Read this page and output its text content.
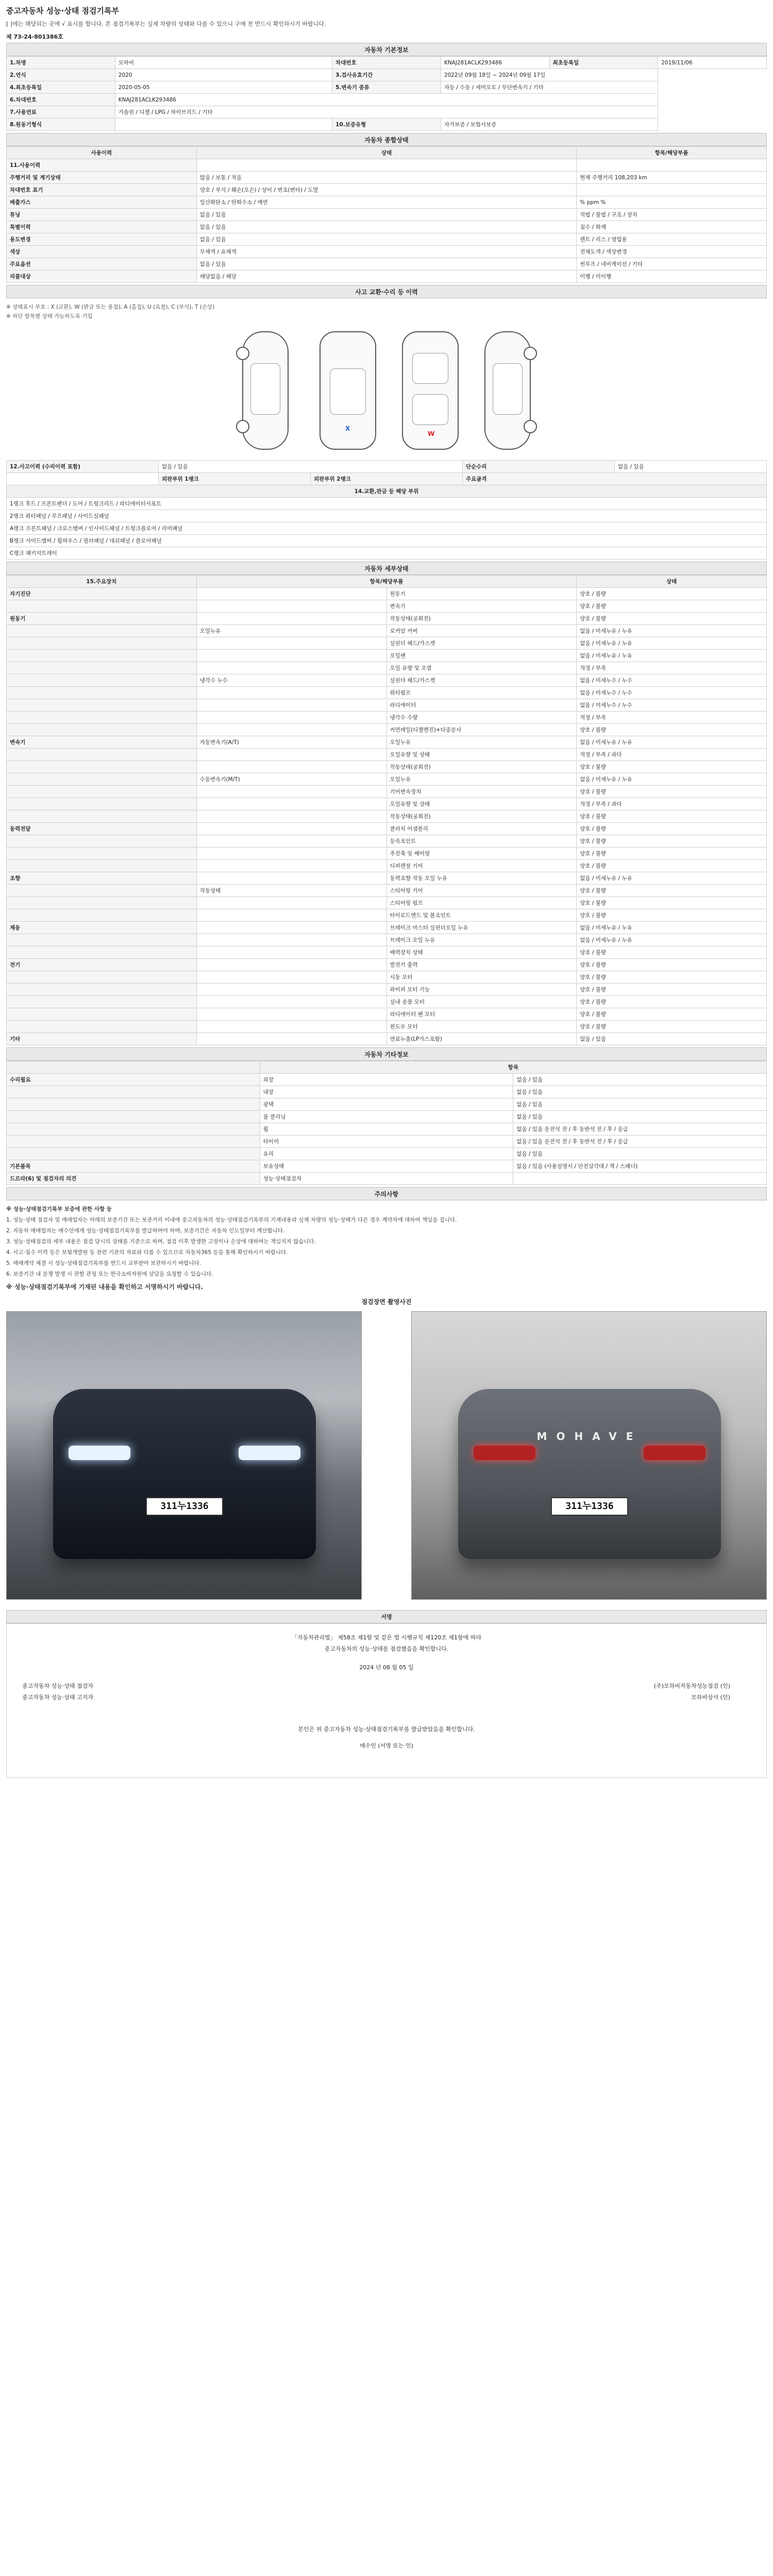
중고자동차 성능·상태 점검기록부
[ ]에는 해당되는 곳에 √ 표시를 합니다. 본 점검기록부는 실제 차량의 상태와 다를 수 있으니 구매 전 반드시 확인하시기 바랍니다.
제 73-24-801386호
자동차 기본정보
1.차명	모하비	차대번호	KNAJ281ACLK293486	최초등록일	2019/11/06
2.연식	2020	3.검사유효기간	2022년 09월 18일 ~ 2024년 09월 17일		
4.최초등록일	2020-05-05	5.변속기 종류	자동 / 수동 / 세미오토 / 무단변속기 / 기타		
6.차대번호	KNAJ281ACLK293486				
7.사용연료	가솔린 / 디젤 / LPG / 하이브리드 / 기타				
8.원동기형식		10.보증유형	자가보증 / 보험사보증		
자동차 종합상태
사용이력	상태	항목/해당부품
11.사용이력		
주행거리 및 계기상태	많음 / 보통 / 적음	현재 주행거리 108,203 km
차대번호 표기	양호 / 부식 / 훼손(오손) / 상이 / 변조(변타) / 도말	
배출가스	일산화탄소 / 탄화수소 / 매연	% ppm %
튜닝	없음 / 있음	적법 / 불법 / 구조 / 장치
특별이력	없음 / 있음	침수 / 화재
용도변경	없음 / 있음	렌트 / 리스 / 영업용
색상	무채색 / 유채색	전체도색 / 색상변경
주요옵션	없음 / 있음	썬루프 / 네비게이션 / 기타
리콜대상	해당없음 / 해당	이행 / 미이행
사고 교환·수리 등 이력
※ 상태표시 부호 : X (교환), W (판금 또는 용접), A (흠집), U (요철), C (부식), T (손상)
※ 하단 항목별 상태 가능하도록 기입
X
W
12.사고이력 (수리이력 포함)	없음 / 있음		단순수리	없음 / 있음
	외판부위 1랭크	외판부위 2랭크	주요골격	
14.교환,판금 등 해당 부위				
1랭크 후드 / 프론트펜더 / 도어 / 트렁크리드 / 라디에이터서포트				
2랭크 쿼터패널 / 루프패널 / 사이드실패널				
A랭크 프론트패널 / 크로스멤버 / 인사이드패널 / 트렁크플로어 / 리어패널				
B랭크 사이드멤버 / 휠하우스 / 필러패널 / 대쉬패널 / 플로어패널				
C랭크 패키지트레이				
자동차 세부상태
15.주요장치	항목/해당부품		상태
자기진단		원동기	양호 / 불량
		변속기	양호 / 불량
원동기		작동상태(공회전)	양호 / 불량
	오일누유	로커암 커버	없음 / 미세누유 / 누유
		실린더 헤드/가스켓	없음 / 미세누유 / 누유
		오일팬	없음 / 미세누유 / 누유
		오일 유량 및 오염	적정 / 부족
	냉각수 누수	실린더 헤드/가스켓	없음 / 미세누수 / 누수
		워터펌프	없음 / 미세누수 / 누수
		라디에이터	없음 / 미세누수 / 누수
		냉각수 수량	적정 / 부족
		커먼레일(디젤엔진)+다중분사	양호 / 불량
변속기	자동변속기(A/T)	오일누유	없음 / 미세누유 / 누유
		오일유량 및 상태	적정 / 부족 / 과다
		작동상태(공회전)	양호 / 불량
	수동변속기(M/T)	오일누유	없음 / 미세누유 / 누유
		기어변속장치	양호 / 불량
		오일유량 및 상태	적정 / 부족 / 과다
		작동상태(공회전)	양호 / 불량
동력전달		클러치 어셈블리	양호 / 불량
		등속조인트	양호 / 불량
		추진축 및 베어링	양호 / 불량
		디퍼렌셜 기어	양호 / 불량
조향		동력조향 작동 오일 누유	없음 / 미세누유 / 누유
	작동상태	스티어링 기어	양호 / 불량
		스티어링 펌프	양호 / 불량
		타이로드엔드 및 볼조인트	양호 / 불량
제동		브레이크 마스터 실린더오일 누유	없음 / 미세누유 / 누유
		브레이크 오일 누유	없음 / 미세누유 / 누유
		배력장치 상태	양호 / 불량
전기		발전기 출력	양호 / 불량
		시동 모터	양호 / 불량
		와이퍼 모터 기능	양호 / 불량
		실내 송풍 모터	양호 / 불량
		라디에이터 팬 모터	양호 / 불량
		윈도우 모터	양호 / 불량
기타		연료누출(LP가스포함)	없음 / 있음
자동차 기타정보
	항목	
수리필요	외장	없음 / 있음
	내장	없음 / 있음
	광택	없음 / 있음
	룸 클리닝	없음 / 있음
	휠	없음 / 있음 운전석 전 / 후 동반석 전 / 후 / 응급
	타이어	없음 / 있음 운전석 전 / 후 동반석 전 / 후 / 응급
	유리	없음 / 있음
기본품목	보유상태	없음 / 있음 (사용설명서 / 안전삼각대 / 잭 / 스패너)
드르라(6) 및 점검자의 의견	성능·상태점검자	
주의사항

※ 성능·상태점검기록부 보증에 관한 사항 등

1. 성능·상태 점검자 및 매매업자는 아래의 보증기간 또는 보증거리 이내에 중고자동차의 성능·상태점검기록부의 기재내용과 실제 차량의 성능·상태가 다른 경우 계약자에 대하여 책임을 집니다.

2. 자동차 매매업자는 매수인에게 성능·상태점검기록부를 발급하여야 하며, 보증기간은 자동차 인도일부터 계산합니다.

3. 성능·상태점검의 세부 내용은 점검 당시의 상태를 기준으로 하며, 점검 이후 발생한 고장이나 손상에 대하여는 책임지지 않습니다.

4. 사고·침수 이력 등은 보험개발원 등 관련 기관의 자료와 다를 수 있으므로 자동차365 등을 통해 확인하시기 바랍니다.

5. 매매계약 체결 시 성능·상태점검기록부를 반드시 교부받아 보관하시기 바랍니다.

6. 보증기간 내 분쟁 발생 시 관할 관청 또는 한국소비자원에 상담을 요청할 수 있습니다.

※ 성능·상태점검기록부에 기재된 내용을 확인하고 서명하시기 바랍니다.

점검장면 촬영사진
311누1336
MOHAVE
311누1336
서명
「자동차관리법」 제58조 제1항 및 같은 법 시행규칙 제120조 제1항에 따라
중고자동차의 성능·상태를 점검했음을 확인합니다.
2024 년 08 월 05 일
중고자동차 성능·상태 점검자	(주)모하비자동차성능점검 (인)
중고자동차 성능·상태 고지자	모하비상사 (인)
본인은 위 중고자동차 성능·상태점검기록부를 발급받았음을 확인합니다.
매수인 (서명 또는 인)
